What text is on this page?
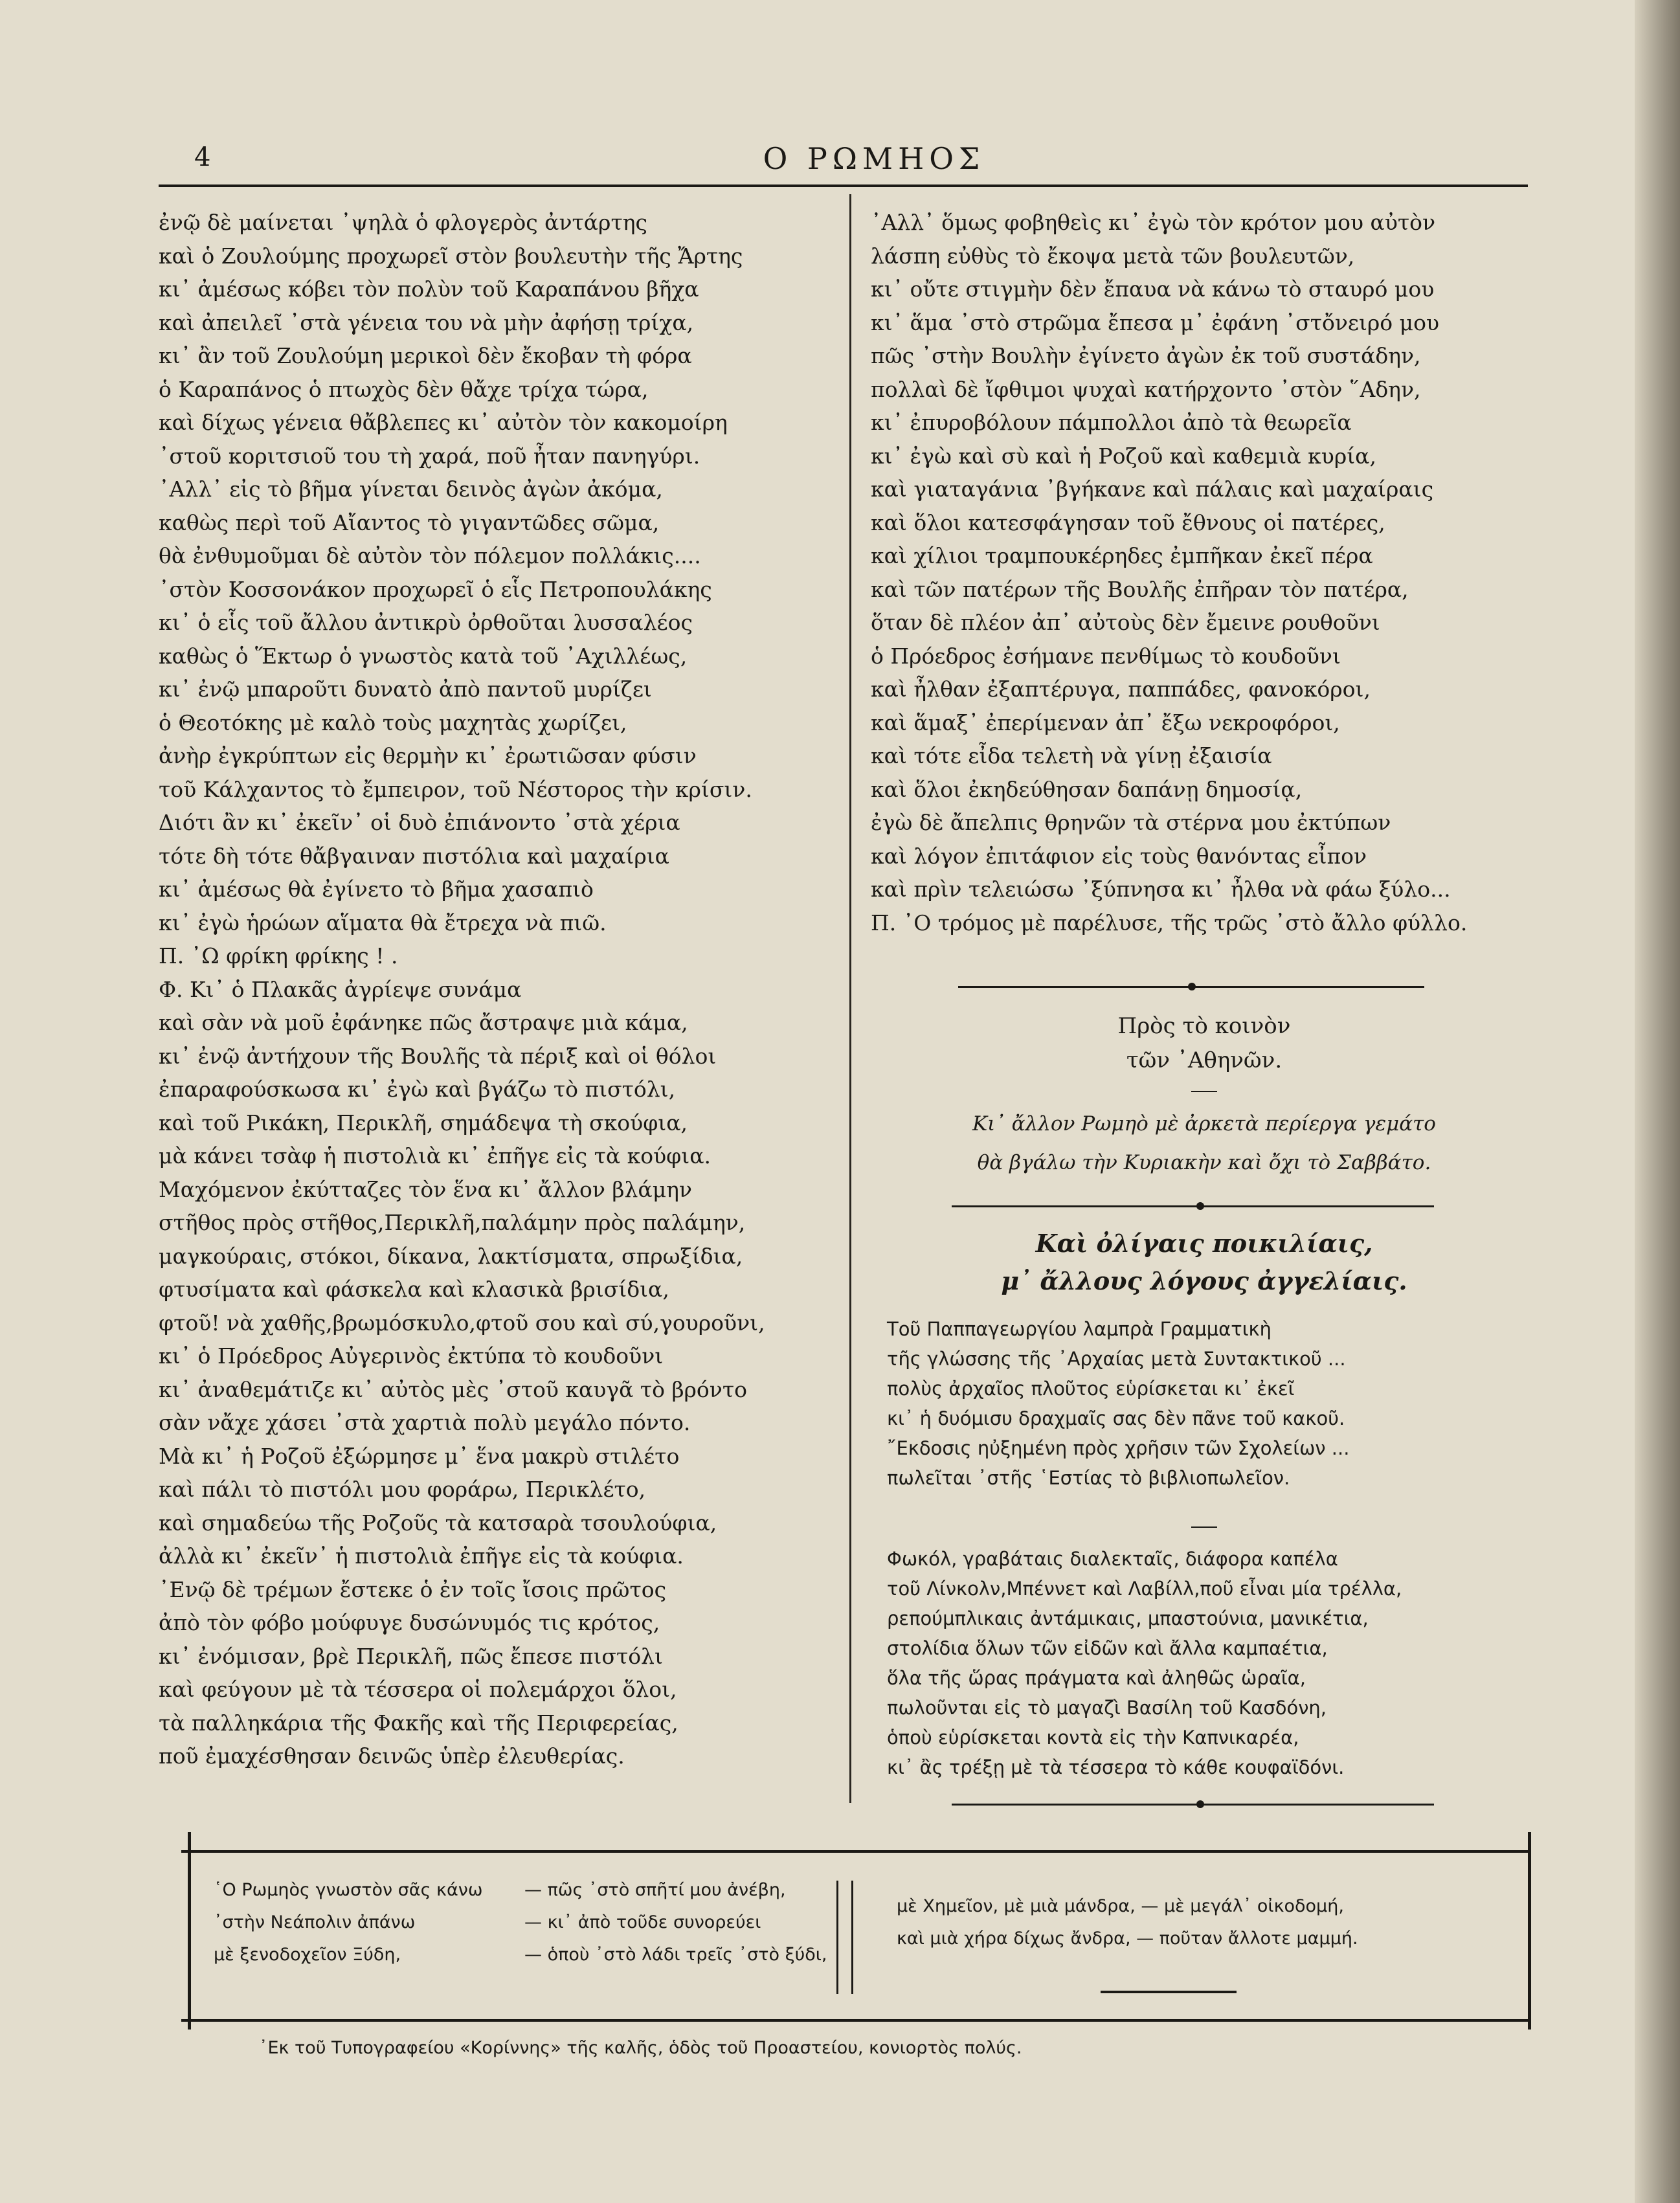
4	Ο ΡΩΜΗΟΣ
ἐνῷ δὲ μαίνεται ᾿ψηλὰ ὁ φλογερὸς ἀντάρτης
καὶ ὁ Ζουλούμης προχωρεῖ στὸν βουλευτὴν τῆς Ἄρτης
κι᾿ ἀμέσως κόβει τὸν πολὺν τοῦ Καραπάνου βῆχα
καὶ ἀπειλεῖ ᾿στὰ γένεια του νὰ μὴν ἀφήσῃ τρίχα,
κι᾿ ἂν τοῦ Ζουλούμη μερικοὶ δὲν ἔκοβαν τὴ φόρα
ὁ Καραπάνος ὁ πτωχὸς δὲν θἄχε τρίχα τώρα,
καὶ δίχως γένεια θἄβλεπες κι᾿ αὐτὸν τὸν κακομοίρη
᾿στοῦ κοριτσιοῦ του τὴ χαρά, ποῦ ἦταν πανηγύρι.
᾿Αλλ᾿ εἰς τὸ βῆμα γίνεται δεινὸς ἀγὼν ἀκόμα,
καθὼς περὶ τοῦ Αἴαντος τὸ γιγαντῶδες σῶμα,
θὰ ἐνθυμοῦμαι δὲ αὐτὸν τὸν πόλεμον πολλάκις....
᾿στὸν Κοσσονάκον προχωρεῖ ὁ εἷς Πετροπουλάκης
κι᾿ ὁ εἷς τοῦ ἄλλου ἀντικρὺ ὀρθοῦται λυσσαλέος
καθὼς ὁ Ἕκτωρ ὁ γνωστὸς κατὰ τοῦ ᾿Αχιλλέως,
κι᾿ ἐνῷ μπαροῦτι δυνατὸ ἀπὸ παντοῦ μυρίζει
ὁ Θεοτόκης μὲ καλὸ τοὺς μαχητὰς χωρίζει,
ἀνὴρ ἐγκρύπτων εἰς θερμὴν κι᾿ ἐρωτιῶσαν φύσιν
τοῦ Κάλχαντος τὸ ἔμπειρον, τοῦ Νέστορος τὴν κρίσιν.
Διότι ἂν κι᾿ ἐκεῖν᾿ οἱ δυὸ ἐπιάνοντο ᾿στὰ χέρια
τότε δὴ τότε θἄβγαιναν πιστόλια καὶ μαχαίρια
κι᾿ ἀμέσως θὰ ἐγίνετο τὸ βῆμα χασαπιὸ
κι᾿ ἐγὼ ἡρώων αἵματα θὰ ἔτρεχα νὰ πιῶ.
Π. ᾿Ω φρίκη φρίκης ! .
Φ. Κι᾿ ὁ Πλακᾶς ἀγρίεψε συνάμα
καὶ σὰν νὰ μοῦ ἐφάνηκε πῶς ἄστραψε μιὰ κάμα,
κι᾿ ἐνῷ ἀντήχουν τῆς Βουλῆς τὰ πέριξ καὶ οἱ θόλοι
ἐπαραφούσκωσα κι᾿ ἐγὼ καὶ βγάζω τὸ πιστόλι,
καὶ τοῦ Ρικάκη, Περικλῆ, σημάδεψα τὴ σκούφια,
μὰ κάνει τσὰφ ἡ πιστολιὰ κι᾿ ἐπῆγε εἰς τὰ κούφια.
Μαχόμενον ἐκύτταζες τὸν ἕνα κι᾿ ἄλλον βλάμην
στῆθος πρὸς στῆθος,Περικλῆ,παλάμην πρὸς παλάμην,
μαγκούραις, στόκοι, δίκανα, λακτίσματα, σπρωξίδια,
φτυσίματα καὶ φάσκελα καὶ κλασικὰ βρισίδια,
φτοῦ! νὰ χαθῆς,βρωμόσκυλο,φτοῦ σου καὶ σύ,γουροῦνι,
κι᾿ ὁ Πρόεδρος Αὐγερινὸς ἐκτύπα τὸ κουδοῦνι
κι᾿ ἀναθεμάτιζε κι᾿ αὐτὸς μὲς ᾿στοῦ καυγᾶ τὸ βρόντο
σὰν νἄχε χάσει ᾿στὰ χαρτιὰ πολὺ μεγάλο πόντο.
Μὰ κι᾿ ἡ Ροζοῦ ἐξώρμησε μ᾿ ἕνα μακρὺ στιλέτο
καὶ πάλι τὸ πιστόλι μου φοράρω, Περικλέτο,
καὶ σημαδεύω τῆς Ροζοῦς τὰ κατσαρὰ τσουλούφια,
ἀλλὰ κι᾿ ἐκεῖν᾿ ἡ πιστολιὰ ἐπῆγε εἰς τὰ κούφια.
᾿Ενῷ δὲ τρέμων ἔστεκε ὁ ἐν τοῖς ἴσοις πρῶτος
ἀπὸ τὸν φόβο μούφυγε δυσώνυμός τις κρότος,
κι᾿ ἐνόμισαν, βρὲ Περικλῆ, πῶς ἔπεσε πιστόλι
καὶ φεύγουν μὲ τὰ τέσσερα οἱ πολεμάρχοι ὅλοι,
τὰ παλληκάρια τῆς Φακῆς καὶ τῆς Περιφερείας,
ποῦ ἐμαχέσθησαν δεινῶς ὑπὲρ ἐλευθερίας.
᾿Αλλ᾿ ὅμως φοβηθεὶς κι᾿ ἐγὼ τὸν κρότον μου αὐτὸν
λάσπη εὐθὺς τὸ ἔκοψα μετὰ τῶν βουλευτῶν,
κι᾿ οὔτε στιγμὴν δὲν ἔπαυα νὰ κάνω τὸ σταυρό μου
κι᾿ ἅμα ᾿στὸ στρῶμα ἔπεσα μ᾿ ἐφάνη ᾿στὄνειρό μου
πῶς ᾿στὴν Βουλὴν ἐγίνετο ἀγὼν ἐκ τοῦ συστάδην,
πολλαὶ δὲ ἴφθιμοι ψυχαὶ κατήρχοντο ᾿στὸν ῞Αδην,
κι᾿ ἐπυροβόλουν πάμπολλοι ἀπὸ τὰ θεωρεῖα
κι᾿ ἐγὼ καὶ σὺ καὶ ἡ Ροζοῦ καὶ καθεμιὰ κυρία,
καὶ γιαταγάνια ᾿βγήκανε καὶ πάλαις καὶ μαχαίραις
καὶ ὅλοι κατεσφάγησαν τοῦ ἔθνους οἱ πατέρες,
καὶ χίλιοι τραμπουκέρηδες ἐμπῆκαν ἐκεῖ πέρα
καὶ τῶν πατέρων τῆς Βουλῆς ἐπῆραν τὸν πατέρα,
ὅταν δὲ πλέον ἀπ᾿ αὐτοὺς δὲν ἔμεινε ρουθοῦνι
ὁ Πρόεδρος ἐσήμανε πενθίμως τὸ κουδοῦνι
καὶ ἦλθαν ἐξαπτέρυγα, παππάδες, φανοκόροι,
καὶ ἅμαξ᾿ ἐπερίμεναν ἀπ᾿ ἔξω νεκροφόροι,
καὶ τότε εἶδα τελετὴ νὰ γίνῃ ἐξαισία
καὶ ὅλοι ἐκηδεύθησαν δαπάνῃ δημοσίᾳ,
ἐγὼ δὲ ἄπελπις θρηνῶν τὰ στέρνα μου ἐκτύπων
καὶ λόγον ἐπιτάφιον εἰς τοὺς θανόντας εἶπον
καὶ πρὶν τελειώσω ᾿ξύπνησα κι᾿ ἦλθα νὰ φάω ξύλο...
Π. ᾿Ο τρόμος μὲ παρέλυσε, τῆς τρῶς ᾿στὸ ἄλλο φύλλο.
Πρὸς τὸ κοινὸν
τῶν ᾿Αθηνῶν.
Κι᾿ ἄλλον Ρωμηὸ μὲ ἀρκετὰ περίεργα γεμάτο
θὰ βγάλω τὴν Κυριακὴν καὶ ὄχι τὸ Σαββάτο.
Καὶ ὀλίγαις ποικιλίαις,
μ᾿ ἄλλους λόγους ἀγγελίαις.
Τοῦ Παππαγεωργίου λαμπρὰ Γραμματικὴ
τῆς γλώσσης τῆς ᾿Αρχαίας μετὰ Συντακτικοῦ ...
πολὺς ἀρχαῖος πλοῦτος εὑρίσκεται κι᾿ ἐκεῖ
κι᾿ ἡ δυόμισυ δραχμαῖς σας δὲν πᾶνε τοῦ κακοῦ.
῎Εκδοσις ηὐξημένη πρὸς χρῆσιν τῶν Σχολείων ...
πωλεῖται ᾿στῆς ῾Εστίας τὸ βιβλιοπωλεῖον.
Φωκόλ, γραβάταις διαλεκταῖς, διάφορα καπέλα
τοῦ Λίνκολν,Μπέννετ καὶ Λαβίλλ,ποῦ εἶναι μία τρέλλα,
ρεπούμπλικαις ἀντάμικαις, μπαστούνια, μανικέτια,
στολίδια ὅλων τῶν εἰδῶν καὶ ἄλλα καμπαέτια,
ὅλα τῆς ὥρας πράγματα καὶ ἀληθῶς ὡραῖα,
πωλοῦνται εἰς τὸ μαγαζὶ Βασίλη τοῦ Κασδόνη,
ὁποὺ εὑρίσκεται κοντὰ εἰς τὴν Καπνικαρέα,
κι᾿ ἂς τρέξῃ μὲ τὰ τέσσερα τὸ κάθε κουφαϊδόνι.
῾Ο Ρωμηὸς γνωστὸν σᾶς κάνω — πῶς ᾿στὸ σπῆτί μου ἀνέβη,
᾿στὴν Νεάπολιν ἀπάνω	— κι᾿ ἀπὸ τοῦδε συνορεύει
μὲ ξενοδοχεῖον Ξύδη,	— ὁποὺ ᾿στὸ λάδι τρεῖς ᾿στὸ ξύδι,
μὲ Χημεῖον, μὲ μιὰ μάνδρα, — μὲ μεγάλ᾿ οἰκοδομή,
καὶ μιὰ χήρα δίχως ἄνδρα, — ποῦταν ἄλλοτε μαμμή.
᾿Εκ τοῦ Τυπογραφείου «Κορίννης» τῆς καλῆς, ὁδὸς τοῦ Προαστείου, κονιορτὸς πολύς.
